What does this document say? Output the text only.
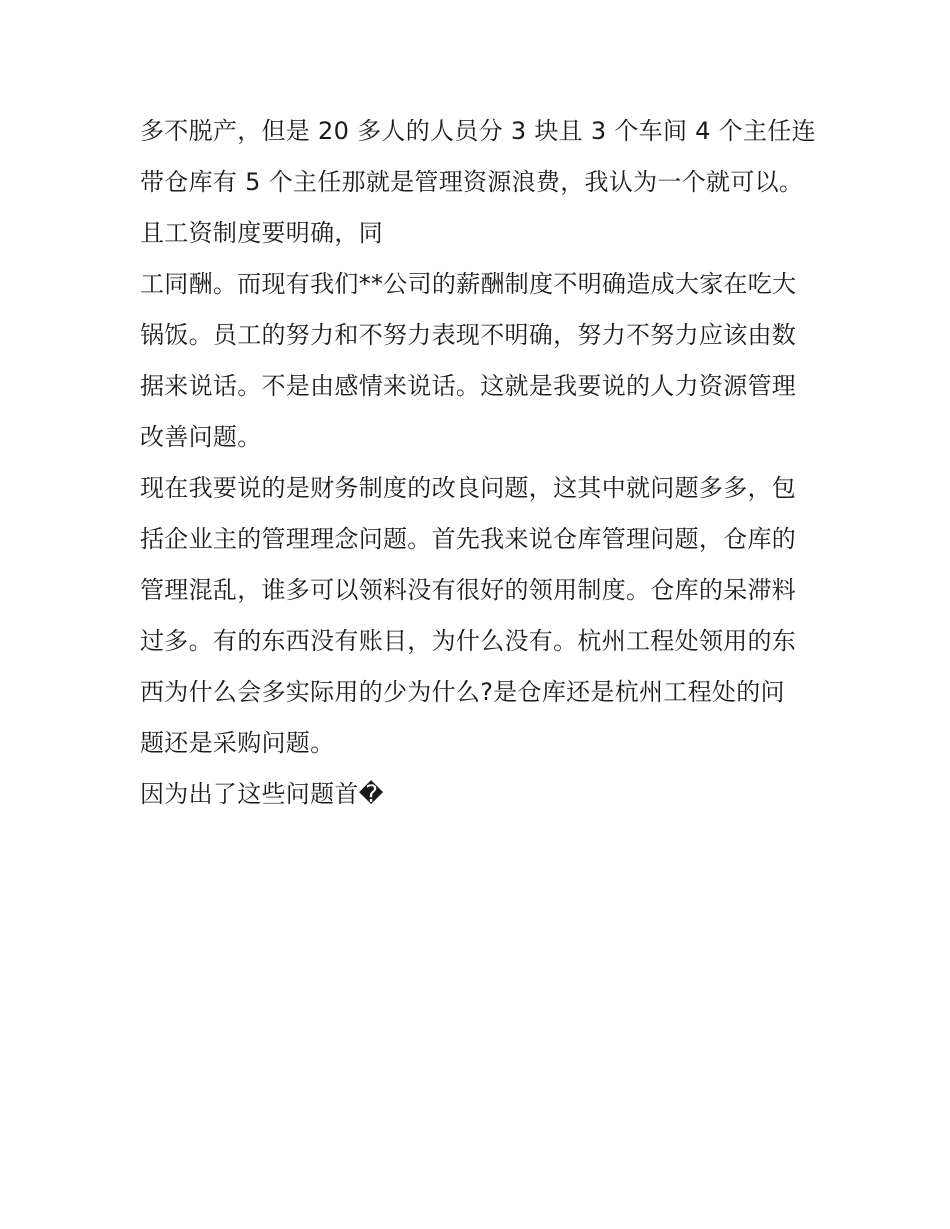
多不脱产，但是 20 多人的人员分 3 块且 3 个车间 4 个主任连
带仓库有 5 个主任那就是管理资源浪费，我认为一个就可以。
且工资制度要明确，同
工同酬。而现有我们**公司的薪酬制度不明确造成大家在吃大
锅饭。员工的努力和不努力表现不明确，努力不努力应该由数
据来说话。不是由感情来说话。这就是我要说的人力资源管理
改善问题。
现在我要说的是财务制度的改良问题，这其中就问题多多，包
括企业主的管理理念问题。首先我来说仓库管理问题，仓库的
管理混乱，谁多可以领料没有很好的领用制度。仓库的呆滞料
过多。有的东西没有账目，为什么没有。杭州工程处领用的东
西为什么会多实际用的少为什么?是仓库还是杭州工程处的问
题还是采购问题。
因为出了这些问题首�
